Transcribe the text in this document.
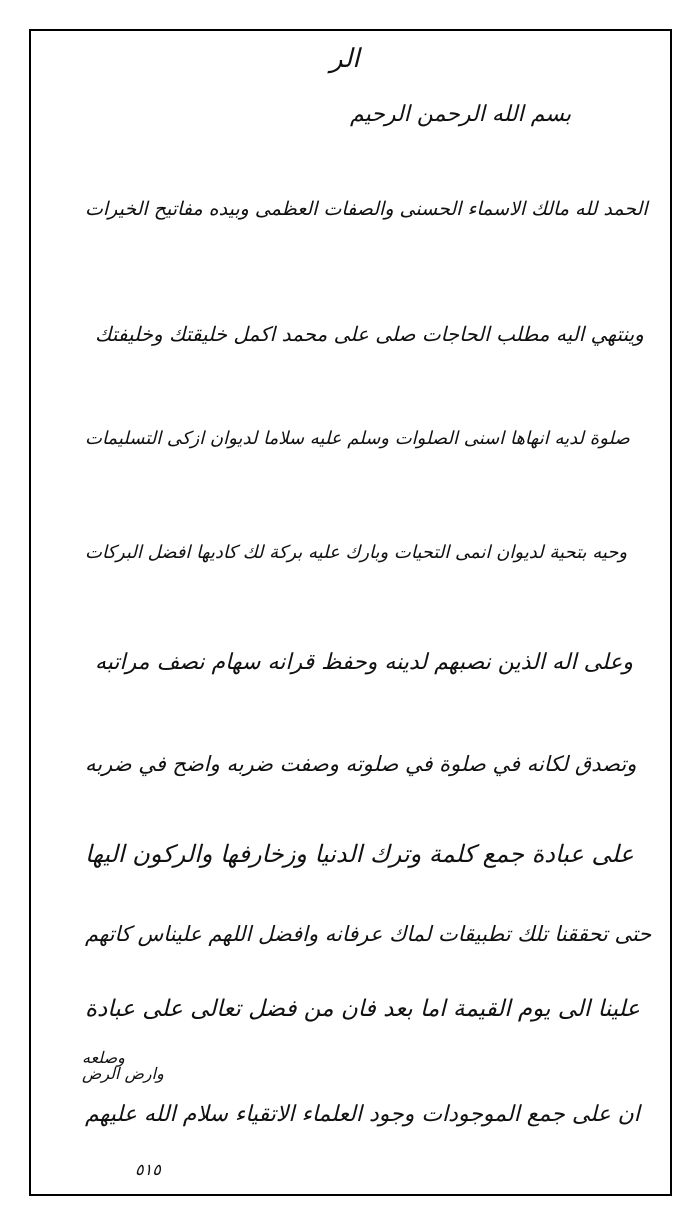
الر
بسم الله الرحمن الرحيم
الحمد لله مالك الاسماء الحسنى والصفات العظمى وبيده مفاتيح الخيرات
وينتهي اليه مطلب الحاجات صلى على محمد اكمل خليقتك وخليفتك
صلوة لديه انهاها اسنى الصلوات وسلم عليه سلاما لديوان ازكى التسليمات
وحيه بتحية لديوان انمى التحيات وبارك عليه بركة لك كاديها افضل البركات
وعلى اله الذين نصبهم لدينه وحفظ قرانه سهام نصف مراتبه
وتصدق لكانه في صلوة في صلوته وصفت ضربه واضح في ضربه
على عبادة جمع كلمة وترك الدنيا وزخارفها والركون اليها
حتى تحققنا تلك تطبيقات لماك عرفانه وافضل اللهم عليناس كاتهم
علينا الى يوم القيمة اما بعد فان من فضل تعالى على عبادة
ان على جمع الموجودات وجود العلماء الاتقياء سلام الله عليهم
وصلعه
وارض الرض
٥١٥
